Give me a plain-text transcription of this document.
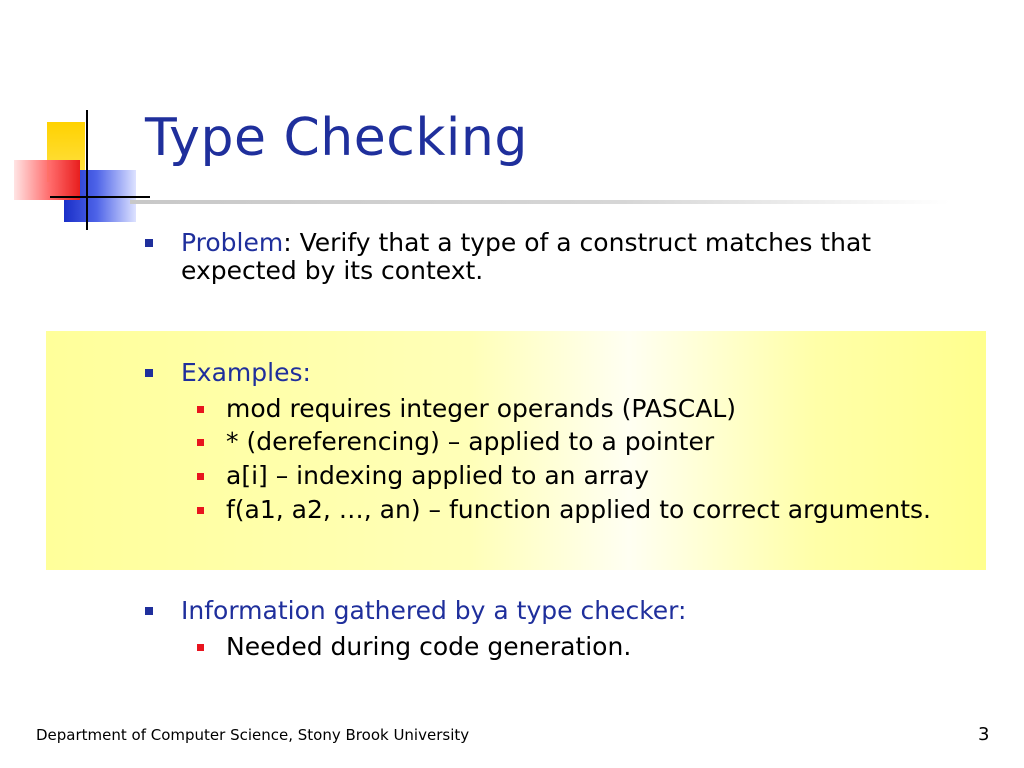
Type Checking

Problem: Verify that a type of a construct matches that

expected by its context.

Examples:

mod requires integer operands (PASCAL)

* (dereferencing) – applied to a pointer

a[i] – indexing applied to an array

f(a1, a2, …, an) – function applied to correct arguments.

Information gathered by a type checker:

Needed during code generation.

Department of Computer Science, Stony Brook University	3
